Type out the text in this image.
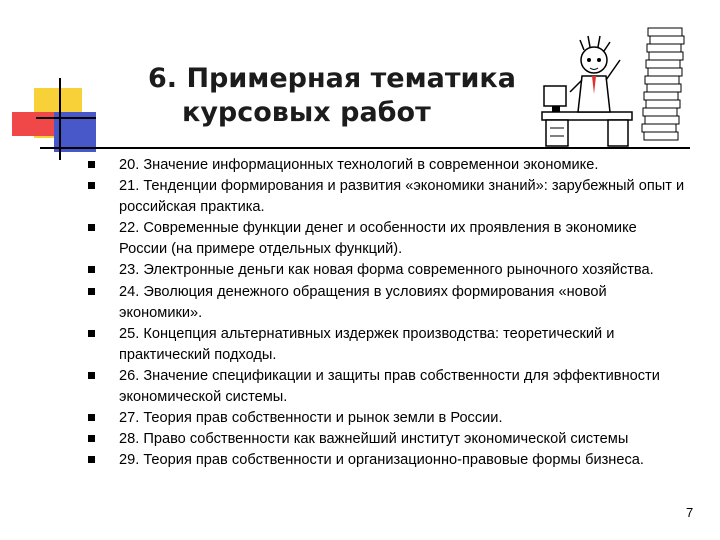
6. Примерная тематика
курсовых работ
20. Значение информационных технологий в современнои экономике.
21. Тенденции формирования и развития «экономики знаний»: зарубежный опыт и российская практика.
22. Современные функции денег и особенности их проявления в экономике России (на примере отдельных функций).
23. Электронные деньги как новая форма современного рыночного хозяйства.
24. Эволюция денежного обращения в условиях формирования «новой экономики».
25. Концепция альтернативных издержек производства: теоретический и практический подходы.
26. Значение спецификации и защиты прав собственности для эффективности экономической системы.
27. Теория прав собственности и рынок земли в России.
28. Право собственности как важнейший институт экономической системы
29. Теория прав собственности и организационно-правовые формы бизнеса.
7
